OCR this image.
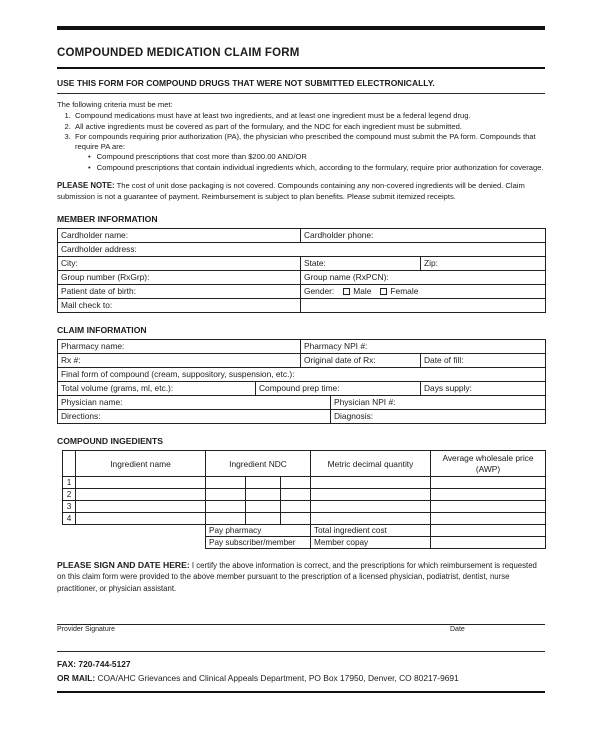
COMPOUNDED MEDICATION CLAIM FORM

USE THIS FORM FOR COMPOUND DRUGS THAT WERE NOT SUBMITTED ELECTRONICALLY.

The following criteria must be met:

1. Compound medications must have at least two ingredients, and at least one ingredient must be a federal legend drug.
2. All active ingredients must be covered as part of the formulary, and the NDC for each ingredient must be submitted.
3. For compounds requiring prior authorization (PA), the physician who prescribed the compound must submit the PA form. Compounds that require PA are:
• Compound prescriptions that cost more than $200.00 AND/OR
• Compound prescriptions that contain individual ingredients which, according to the formulary, require prior authorization for coverage.

PLEASE NOTE: The cost of unit dose packaging is not covered. Compounds containing any non-covered ingredients will be denied. Claim submission is not a guarantee of payment. Reimbursement is subject to plan benefits. Please submit itemized receipts.

MEMBER INFORMATION
Cardholder name:	Cardholder phone:	
Cardholder address:		
City:	State:	Zip:
Group number (RxGrp):	Group name (RxPCN):	
Patient date of birth:	Gender: Male Female	
Mail check to:		
CLAIM INFORMATION
Pharmacy name:	Pharmacy NPI #:	
Rx #:	Original date of Rx:	Date of fill:
Final form of compound (cream, suppository, suspension, etc.):		
Total volume (grams, ml, etc.):	Compound prep time:	Days supply:
Physician name:	Physician NPI #:
Directions:	Diagnosis:
COMPOUND INGEDIENTS
	Ingredient name	Ingredient NDC			Metric decimal quantity	Average wholesale price (AWP)
1						
2						
3						
4						
		Pay pharmacy			Total ingredient cost	
		Pay subscriber/member			Member copay	

PLEASE SIGN AND DATE HERE: I certify the above information is correct, and the prescriptions for which reimbursement is requested on this claim form were provided to the above member pursuant to the prescription of a licensed physician, podiatrist, dentist, nurse practitioner, or physician assistant.

Provider Signature	Date

FAX: 720-744-5127

OR MAIL: COA/AHC Grievances and Clinical Appeals Department, PO Box 17950, Denver, CO 80217-9691
